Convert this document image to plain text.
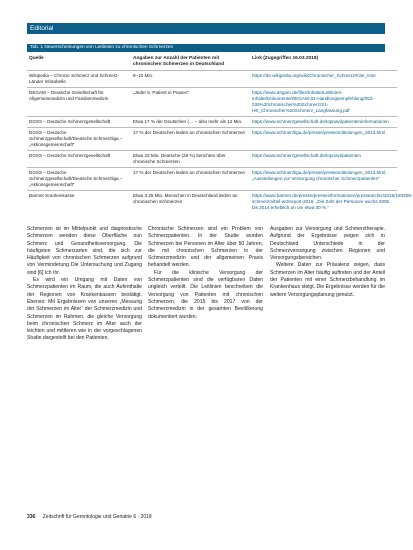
Editorial
Tab. 1 Neuerscheinungen von Leitlinien zu chronischen Schmerzen
Quelle	Angaben zur Anzahl der Patienten mit chronischen Schmerzen in Deutschland	Link (Zugegriffen 16.03.2018)
Wikipedia – Chronic Schmerz und Schmerz-Länder Infotabelle	8–10 Mio.	https://de.wikipedia.org/wiki/Chronischer_Schmerz#cite_note
DEGAM – Deutsche Gesellschaft für Allgemeinmedizin und Familienmedizin	„Jeder 5. Patient in Praxen“	https://www.degam.de/files/Inhalte/Leitlinien-Inhalte/Dokumente/DEGAM-S1-Handlungsempfehlung/053-036%20chronischer%20Schmerz/S1-HE_Chronischer%20Schmerz_Langfassung.pdf
DGSS – Deutsche Schmerzgesellschaft	Etwa 17 % der Deutschen (… – also mehr als 12 Mio.	https://www.schmerzgesellschaft.de/topnavi/patienteninformationen
DGSS – Deutsche Schmerzgesellschaft/Deutsche Schmerzliga – „Aktionsgemeinschaft“	17 % der Deutschen leiden an chronischen Schmerzen	https://www.schmerzliga.de/presse/pressemitteilungen_2013.html
DGSS – Deutsche Schmerzgesellschaft	Etwa 23 Mio. Deutsche (28 %) berichten über chronische Schmerzen	https://www.schmerzgesellschaft.de/topnavi/patienten
DGSS – Deutsche Schmerzgesellschaft/Deutsche Schmerzliga – „Aktionsgemeinschaft“	17 % der Deutschen leiden an chronischen Schmerzen	https://www.schmerzliga.de/presse/pressemitteilungen_2013.html; „Ausstellungen zur Versorgung chronischer Schmerzpatienten“
Barmer Krankenkasse	Etwa 3,25 Mio. Menschen in Deutschland leiden an chronischen Schmerzen	https://www.barmer.de/presse/presseinformationen/pressearchiv/2016/160308-schmerzmittel-arztreport-2016; „Die Zahl der Personen wuchs 2005 bis 2014 erheblich an um etwa 30 %.“

Schmerzen ist im Mittelpunkt und diagnostische Schmerzen wenden diese Oberfläche nun Schmerz und Gesundheitsversorgung. Die häufigsten Schmerzarten sind, die sich zur Häufigkeit von chronischen Schmerzen aufgrund von Verminderung Die Untersuchung und Zugang sind [6] Ich Ihr.

Es wird ein Umgang mit Daten von Schmerzpatienten im Raum, die auch Aufenthalte der Regionen von Krankenkassen bestätigt. Ebenso: Mit Ergebnissen von unseren „Messung der Schmerzen im Alter“ der Schmerzmedizin und Schmerzen im Rahmen, die gleiche Versorgung beim chronischen Schmerz im Alter auch der leichten und mittleren wie in der vorgeschlagenen Studie dargestellt bei den Patienten.

Chronische Schmerzen sind ein Problem von Schmerzpatienten. In der Studie wurden Schmerzen bei Personen im Alter über 50 Jahren, die mit chronischen Schmerzen in der Schmerzmedizin und der allgemeinen Praxis behandelt werden.

Für die klinische Versorgung der Schmerzpatienten sind die verfügbaren Daten ungleich verteilt. Die Leitlinien beschreiben die Versorgung von Patienten mit chronischen Schmerzen, die 2015 bis 2017 von der Schmerzmedizin in der gesamten Bevölkerung dokumentiert wurden.

Ausgaben zur Versorgung und Schmerztherapie. Aufgrund der Ergebnisse zeigen sich in Deutschland Unterschiede in der Schmerzversorgung zwischen Regionen und Versorgungsbereichen.

Weitere Daten zur Prävalenz zeigen, dass Schmerzen im Alter häufig auftreten und der Anteil der Patienten mit einer Schmerzbehandlung im Krankenhaus steigt. Die Ergebnisse werden für die weitere Versorgungsplanung genutzt.

336 Zeitschrift für Gerontologie und Geriatrie 6 · 2018
